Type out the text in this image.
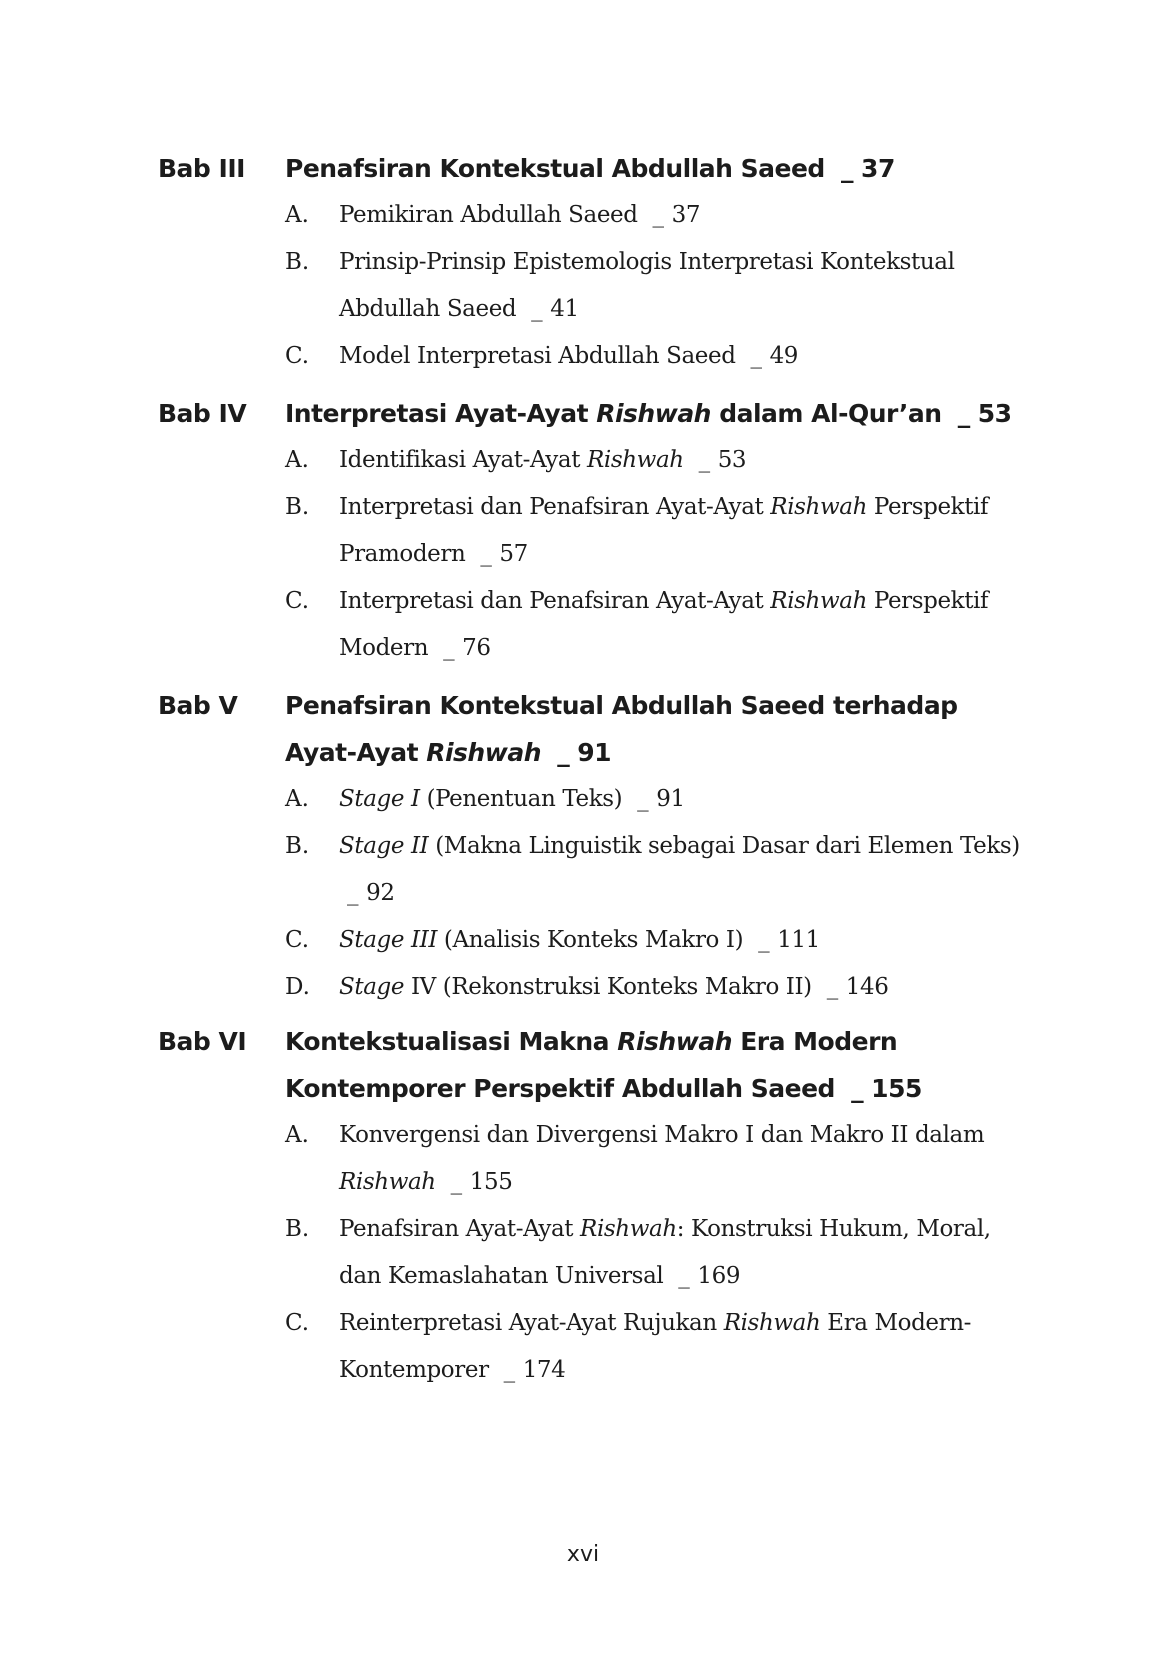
Bab III Penafsiran Kontekstual Abdullah Saeed _ 37
A. Pemikiran Abdullah Saeed _ 37
B. Prinsip-Prinsip Epistemologis Interpretasi Kontekstual Abdullah Saeed _ 41
C. Model Interpretasi Abdullah Saeed _ 49
Bab IV Interpretasi Ayat-Ayat Rishwah dalam Al-Qur’an _ 53
A. Identifikasi Ayat-Ayat Rishwah _ 53
B. Interpretasi dan Penafsiran Ayat-Ayat Rishwah Perspektif Pramodern _ 57
C. Interpretasi dan Penafsiran Ayat-Ayat Rishwah Perspektif Modern _ 76
Bab V Penafsiran Kontekstual Abdullah Saeed terhadap Ayat-Ayat Rishwah _ 91
A. Stage I (Penentuan Teks) _ 91
B. Stage II (Makna Linguistik sebagai Dasar dari Elemen Teks) _ 92
C. Stage III (Analisis Konteks Makro I) _ 111
D. Stage IV (Rekonstruksi Konteks Makro II) _ 146
Bab VI Kontekstualisasi Makna Rishwah Era Modern Kontemporer Perspektif Abdullah Saeed _ 155
A. Konvergensi dan Divergensi Makro I dan Makro II dalam Rishwah _ 155
B. Penafsiran Ayat-Ayat Rishwah: Konstruksi Hukum, Moral, dan Kemaslahatan Universal _ 169
C. Reinterpretasi Ayat-Ayat Rujukan Rishwah Era Modern-Kontemporer _ 174
xvi
